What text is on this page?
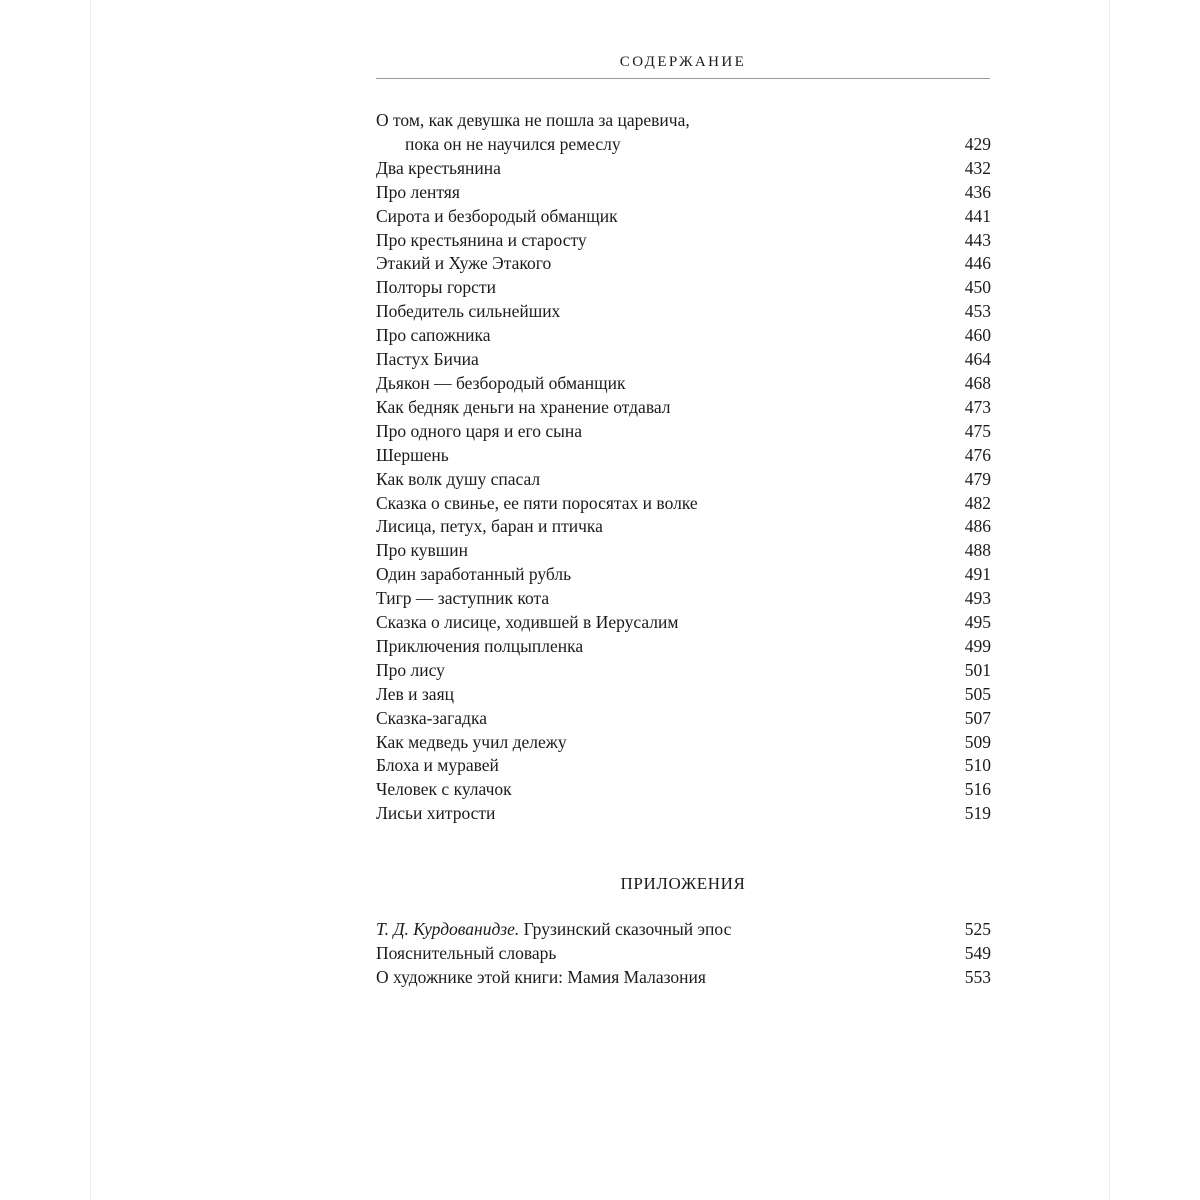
СОДЕРЖАНИЕ
О том, как девушка не пошла за царевича,
пока он не научился ремеслу	429
Два крестьянина	432
Про лентяя	436
Сирота и безбородый обманщик	441
Про крестьянина и старосту	443
Этакий и Хуже Этакого	446
Полторы горсти	450
Победитель сильнейших	453
Про сапожника	460
Пастух Бичиа	464
Дьякон — безбородый обманщик	468
Как бедняк деньги на хранение отдавал	473
Про одного царя и его сына	475
Шершень	476
Как волк душу спасал	479
Сказка о свинье, ее пяти поросятах и волке	482
Лисица, петух, баран и птичка	486
Про кувшин	488
Один заработанный рубль	491
Тигр — заступник кота	493
Сказка о лисице, ходившей в Иерусалим	495
Приключения полцыпленка	499
Про лису	501
Лев и заяц	505
Сказка-загадка	507
Как медведь учил дележу	509
Блоха и муравей	510
Человек с кулачок	516
Лисьи хитрости	519
ПРИЛОЖЕНИЯ
Т. Д. Курдованидзе. Грузинский сказочный эпос	525
Пояснительный словарь	549
О художнике этой книги: Мамия Малазония	553
